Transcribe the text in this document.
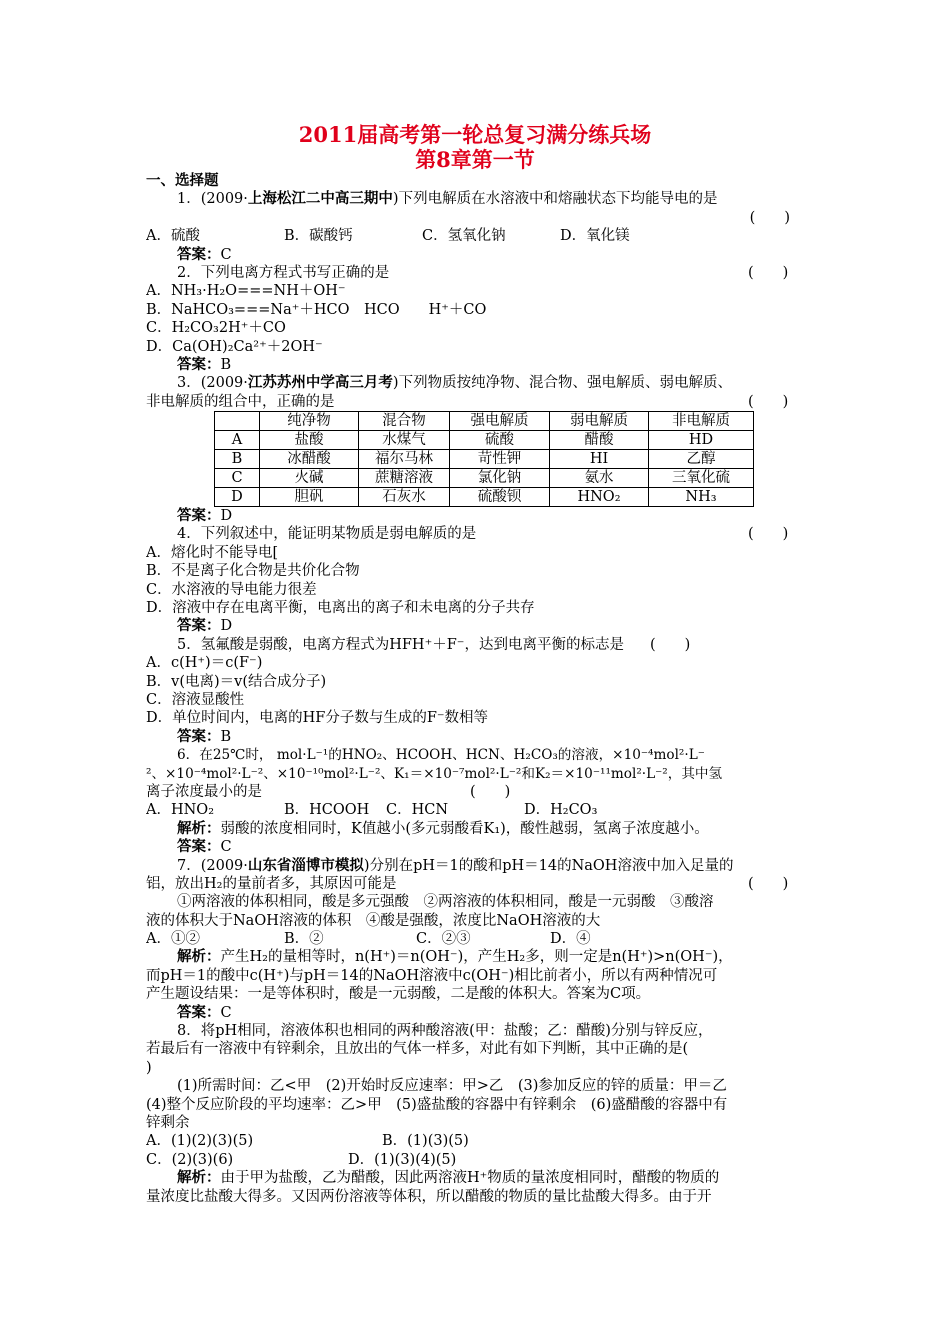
2011届高考第一轮总复习满分练兵场
第8章第一节
一、选择题
1．(2009·上海松江二中高三期中)下列电解质在水溶液中和熔融状态下均能导电的是
(　　)
A．硫酸	B．碳酸钙	C．氢氧化钠	D．氧化镁
答案：C
2．下列电离方程式书写正确的是	(　　)
A．NH₃·H₂O===NH＋OH⁻
B．NaHCO₃===Na⁺＋HCO　HCO　　H⁺＋CO
C．H₂CO₃2H⁺＋CO
D．Ca(OH)₂Ca²⁺＋2OH⁻
答案：B
3．(2009·江苏苏州中学高三月考)下列物质按纯净物、混合物、强电解质、弱电解质、
非电解质的组合中，正确的是	(　　)
	纯净物	混合物	强电解质	弱电解质	非电解质
A	盐酸	水煤气	硫酸	醋酸	HD
B	冰醋酸	福尔马林	苛性钾	HI	乙醇
C	火碱	蔗糖溶液	氯化钠	氨水	三氧化硫
D	胆矾	石灰水	硫酸钡	HNO₂	NH₃
答案：D
4．下列叙述中，能证明某物质是弱电解质的是	(　　)
A．熔化时不能导电[
B．不是离子化合物是共价化合物
C．水溶液的导电能力很差
D．溶液中存在电离平衡，电离出的离子和未电离的分子共存
答案：D
5．氢氟酸是弱酸，电离方程式为HFH⁺＋F⁻，达到电离平衡的标志是 (　　)
A．c(H⁺)＝c(F⁻)
B．v(电离)＝v(结合成分子)
C．溶液显酸性
D．单位时间内，电离的HF分子数与生成的F⁻数相等
答案：B
6．在25℃时， mol·L⁻¹的HNO₂、HCOOH、HCN、H₂CO₃的溶液，×10⁻⁴mol²·L⁻
²、×10⁻⁴mol²·L⁻²、×10⁻¹⁰mol²·L⁻²、K₁＝×10⁻⁷mol²·L⁻²和K₂＝×10⁻¹¹mol²·L⁻²，其中氢
离子浓度最小的是	(　　)
A．HNO₂	B．HCOOH C．HCN	D．H₂CO₃
解析：弱酸的浓度相同时，K值越小(多元弱酸看K₁)，酸性越弱，氢离子浓度越小。
答案：C
7．(2009·山东省淄博市模拟)分别在pH＝1的酸和pH＝14的NaOH溶液中加入足量的
铝，放出H₂的量前者多，其原因可能是	(　　)
①两溶液的体积相同，酸是多元强酸　②两溶液的体积相同，酸是一元弱酸　③酸溶
液的体积大于NaOH溶液的体积　④酸是强酸，浓度比NaOH溶液的大
A．①②	B．②	C．②③	D．④
解析：产生H₂的量相等时，n(H⁺)＝n(OH⁻)，产生H₂多，则一定是n(H⁺)>n(OH⁻)，
而pH＝1的酸中c(H⁺)与pH＝14的NaOH溶液中c(OH⁻)相比前者小，所以有两种情况可
产生题设结果：一是等体积时，酸是一元弱酸，二是酸的体积大。答案为C项。
答案：C
8．将pH相同，溶液体积也相同的两种酸溶液(甲：盐酸；乙：醋酸)分别与锌反应，
若最后有一溶液中有锌剩余，且放出的气体一样多，对此有如下判断，其中正确的是(
)
(1)所需时间：乙<甲　(2)开始时反应速率：甲>乙　(3)参加反应的锌的质量：甲＝乙
(4)整个反应阶段的平均速率：乙>甲　(5)盛盐酸的容器中有锌剩余　(6)盛醋酸的容器中有
锌剩余
A．(1)(2)(3)(5)	B．(1)(3)(5)
C．(2)(3)(6)	D．(1)(3)(4)(5)
解析：由于甲为盐酸，乙为醋酸，因此两溶液H⁺物质的量浓度相同时，醋酸的物质的
量浓度比盐酸大得多。又因两份溶液等体积，所以醋酸的物质的量比盐酸大得多。由于开
